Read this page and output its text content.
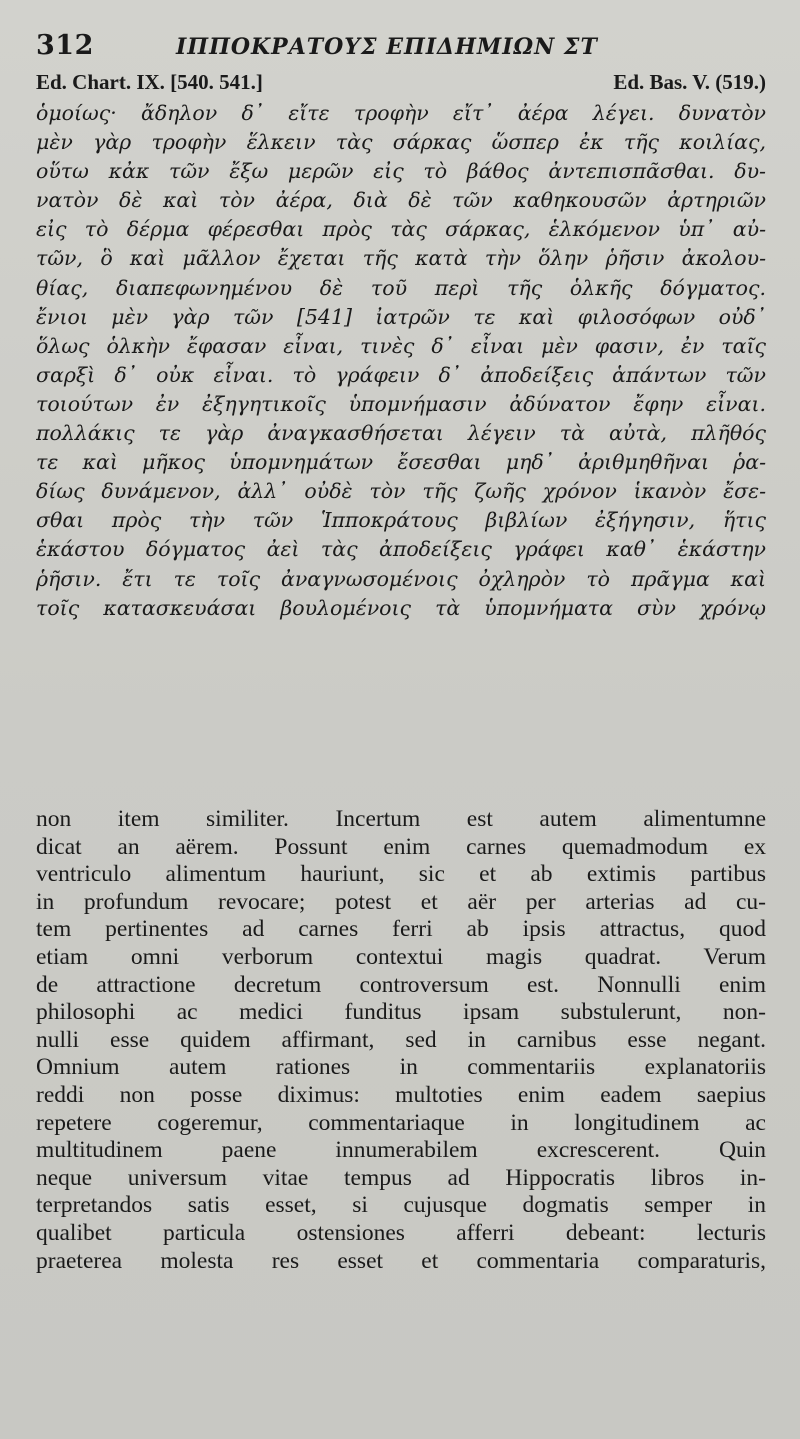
312	ΙΠΠΟΚΡΑΤΟΥΣ ΕΠΙΔΗΜΙΩΝ ΣΤ
Ed. Chart. IX. [540. 541.]	Ed. Bas. V. (519.)
ὁμοίως· ἄδηλον δ᾽ εἴτε τροφὴν εἴτ᾽ ἀέρα λέγει. δυνατὸν
μὲν γὰρ τροφὴν ἕλκειν τὰς σάρκας ὥσπερ ἐκ τῆς κοιλίας,
οὕτω κἀκ τῶν ἔξω μερῶν εἰς τὸ βάθος ἀντεπισπᾶσθαι. δυ-
νατὸν δὲ καὶ τὸν ἀέρα, διὰ δὲ τῶν καθηκουσῶν ἀρτηριῶν
εἰς τὸ δέρμα φέρεσθαι πρὸς τὰς σάρκας, ἑλκόμενον ὑπ᾽ αὐ-
τῶν, ὃ καὶ μᾶλλον ἔχεται τῆς κατὰ τὴν ὅλην ῥῆσιν ἀκολου-
θίας, διαπεφωνημένου δὲ τοῦ περὶ τῆς ὁλκῆς δόγματος.
ἔνιοι μὲν γὰρ τῶν [541] ἰατρῶν τε καὶ φιλοσόφων οὐδ᾽
ὅλως ὁλκὴν ἔφασαν εἶναι, τινὲς δ᾽ εἶναι μὲν φασιν, ἐν ταῖς
σαρξὶ δ᾽ οὐκ εἶναι. τὸ γράφειν δ᾽ ἀποδείξεις ἁπάντων τῶν
τοιούτων ἐν ἐξηγητικοῖς ὑπομνήμασιν ἀδύνατον ἔφην εἶναι.
πολλάκις τε γὰρ ἀναγκασθήσεται λέγειν τὰ αὐτὰ, πλῆθός
τε καὶ μῆκος ὑπομνημάτων ἔσεσθαι μηδ᾽ ἀριθμηθῆναι ῥα-
δίως δυνάμενον, ἀλλ᾽ οὐδὲ τὸν τῆς ζωῆς χρόνον ἱκανὸν ἔσε-
σθαι πρὸς τὴν τῶν Ἱπποκράτους βιβλίων ἐξήγησιν, ἥτις
ἑκάστου δόγματος ἀεὶ τὰς ἀποδείξεις γράφει καθ᾽ ἑκάστην
ῥῆσιν. ἔτι τε τοῖς ἀναγνωσομένοις ὀχληρὸν τὸ πρᾶγμα καὶ
τοῖς κατασκευάσαι βουλομένοις τὰ ὑπομνήματα σὺν χρόνῳ
non item similiter. Incertum est autem alimentumne
dicat an aërem. Possunt enim carnes quemadmodum ex
ventriculo alimentum hauriunt, sic et ab extimis partibus
in profundum revocare; potest et aër per arterias ad cu-
tem pertinentes ad carnes ferri ab ipsis attractus, quod
etiam omni verborum contextui magis quadrat. Verum
de attractione decretum controversum est. Nonnulli enim
philosophi ac medici funditus ipsam substulerunt, non-
nulli esse quidem affirmant, sed in carnibus esse negant.
Omnium autem rationes in commentariis explanatoriis
reddi non posse diximus: multoties enim eadem saepius
repetere cogeremur, commentariaque in longitudinem ac
multitudinem paene innumerabilem excrescerent. Quin
neque universum vitae tempus ad Hippocratis libros in-
terpretandos satis esset, si cujusque dogmatis semper in
qualibet particula ostensiones afferri debeant: lecturis
praeterea molesta res esset et commentaria comparaturis,
